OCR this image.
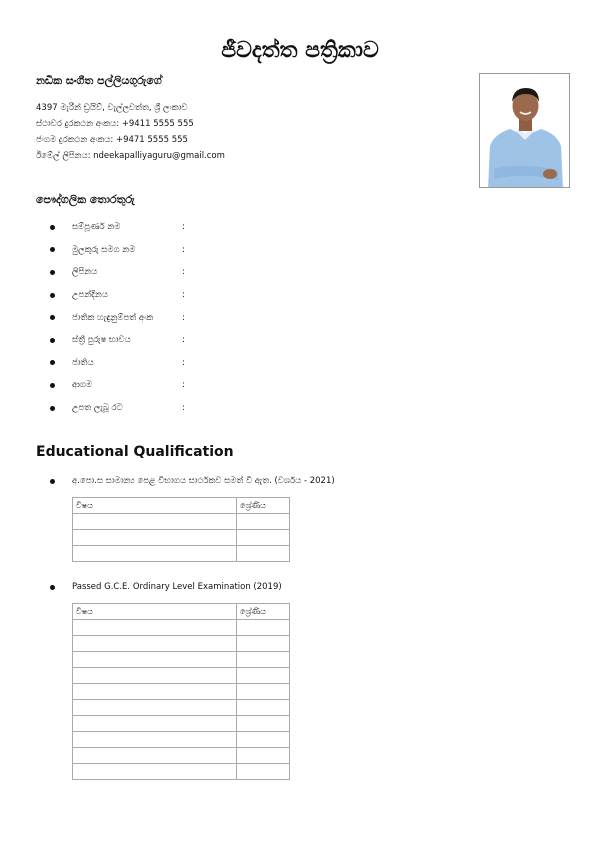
ජීවදත්ත පත්‍රිකාව
නඩීක සංගීත පල්ලියගුරුගේ
4397 මැරීන් ඩ්‍රයිව්, වැල්ලවත්ත, ශ්‍රී ලංකාව
ස්ථාවර දුරකථන අංකය: +9411 5555 555
ජංගම දුරකථන අංකය: +9471 5555 555
ඊමේල් ලිපිනය: ndeekapalliyaguru@gmail.com
පෞද්ගලික තොරතුරු
සම්පූර්ණ නම	:
මුලකුරු සමග නම	:
ලිපිනය	:
උපන්දිනය	:
ජාතික හැඳුනුම්පත් අංක	:
ස්ත්‍රී පුරුෂ භාවය	:
ජාතිය	:
ආගම	:
උපත ලැබූ රට	:
Educational Qualification
අ.පො.ස සාමාන්‍ය පෙළ විභාගය සාර්ථකව සමත් වී ඇත. (වර්ශය - 2021)
විෂය	ශ්‍රේණිය

Passed G.C.E. Ordinary Level Examination (2019)
විෂය	ශ්‍රේණිය
